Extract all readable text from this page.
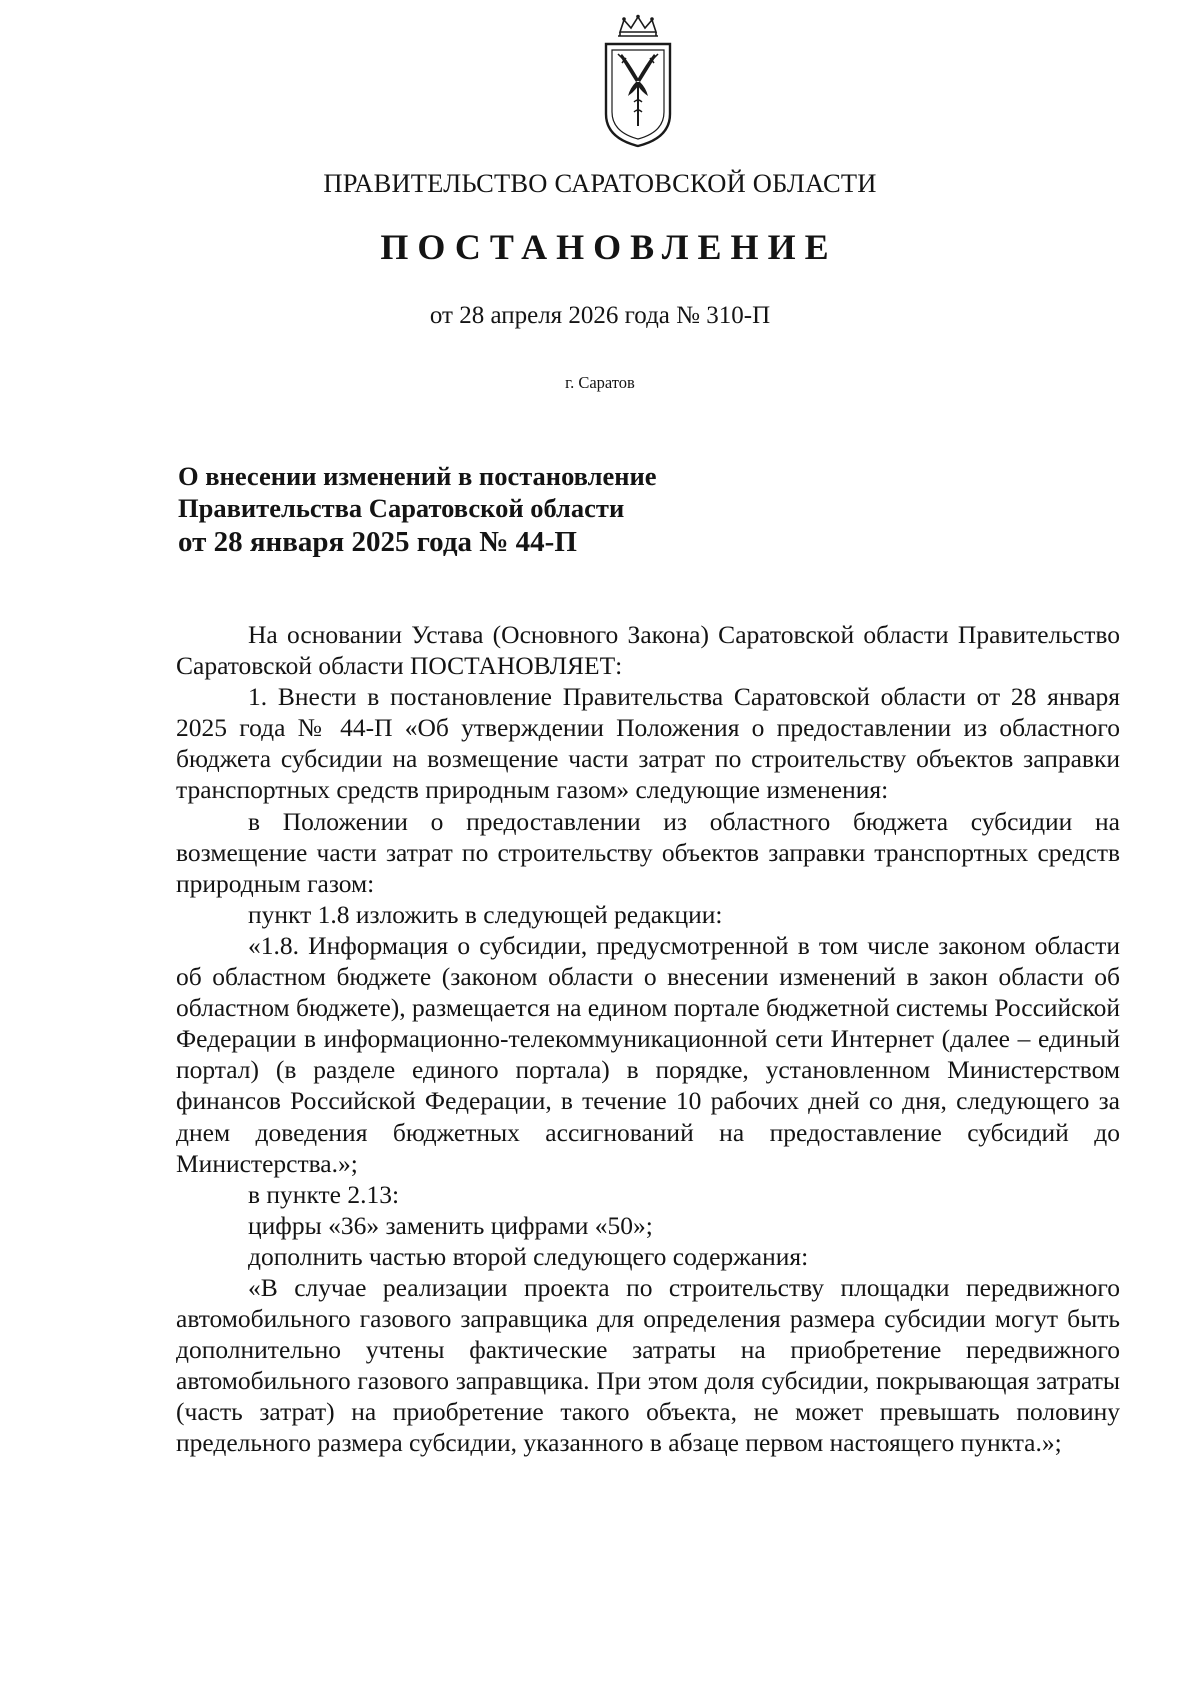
ПРАВИТЕЛЬСТВО САРАТОВСКОЙ ОБЛАСТИ
ПОСТАНОВЛЕНИЕ
от 28 апреля 2026 года № 310-П
г. Саратов
О внесении изменений в постановление
Правительства Саратовской области
от 28 января 2025 года № 44-П

На основании Устава (Основного Закона) Саратовской области Правительство Саратовской области ПОСТАНОВЛЯЕТ:

1. Внести в постановление Правительства Саратовской области от 28 января 2025 года № 44-П «Об утверждении Положения о предоставлении из областного бюджета субсидии на возмещение части затрат по строительству объектов заправки транспортных средств природным газом» следующие изменения:

в Положении о предоставлении из областного бюджета субсидии на возмещение части затрат по строительству объектов заправки транспортных средств природным газом:

пункт 1.8 изложить в следующей редакции:

«1.8. Информация о субсидии, предусмотренной в том числе законом области об областном бюджете (законом области о внесении изменений в закон области об областном бюджете), размещается на едином портале бюджетной системы Российской Федерации в информационно-телекоммуникационной сети Интернет (далее – единый портал) (в разделе единого портала) в порядке, установленном Министерством финансов Российской Федерации, в течение 10 рабочих дней со дня, следующего за днем доведения бюджетных ассигнований на предоставление субсидий до Министерства.»;

в пункте 2.13:

цифры «36» заменить цифрами «50»;

дополнить частью второй следующего содержания:

«В случае реализации проекта по строительству площадки передвижного автомобильного газового заправщика для определения размера субсидии могут быть дополнительно учтены фактические затраты на приобретение передвижного автомобильного газового заправщика. При этом доля субсидии, покрывающая затраты (часть затрат) на приобретение такого объекта, не может превышать половину предельного размера субсидии, указанного в абзаце первом настоящего пункта.»;
